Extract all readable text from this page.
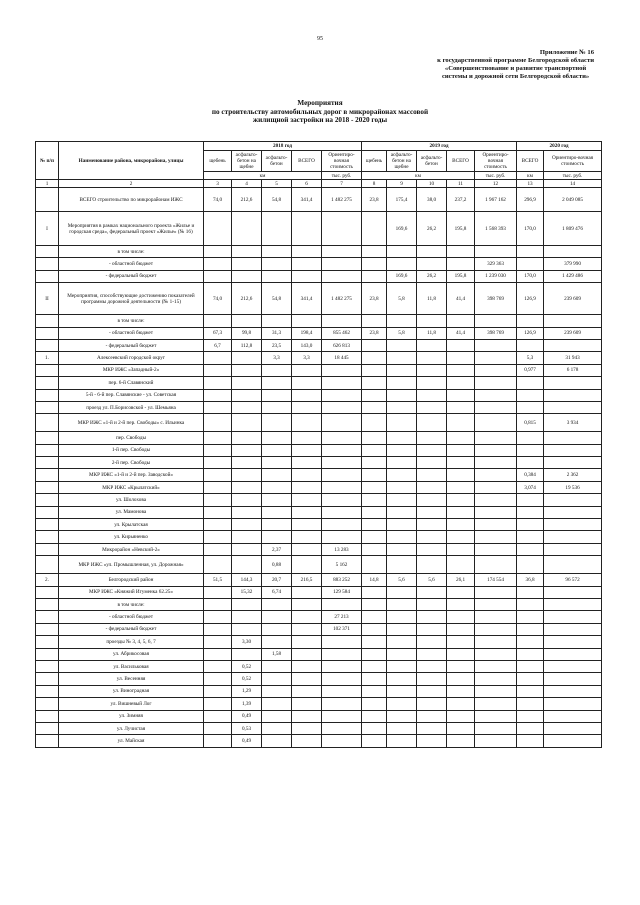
95
Приложение № 16
к государственной программе Белгородской области
«Совершенствование и развитие транспортной
системы и дорожной сети Белгородской области»
Мероприятия
по строительству автомобильных дорог в микрорайонах массовой
жилищной застройки на 2018 - 2020 годы
№ п/п	Наименование района, микрорайона, улицы	2018 год					2019 год					2020 год	
		щебень	асфальто-бетон на щебне	асфальто-бетон	ВСЕГО	Ориентиро-вочная стоимость	щебень	асфальто-бетон на щебне	асфальто-бетон	ВСЕГО	Ориентиро-вочная стоимость	ВСЕГО	Ориентиро-вочная стоимость
		км				тыс. руб.	км				тыс. руб.	км	тыс. руб.
1	2	3	4	5	6	7	8	9	10	11	12	13	14
	ВСЕГО строительство по микрорайонам ИЖС	74,0	212,6	54,8	341,4	1 482 275	23,8	175,4	38,0	237,2	1 967 162	296,9	2 049 085
I	Мероприятия в рамках национального проекта «Жилье и городская среда», федеральный проект «Жилье» (№ 16)							169,6	26,2	195,8	1 568 393	170,0	1 809 476
	в том числе:												
	- областной бюджет										329 363		379 990
	- федеральный бюджет							169,6	26,2	195,8	1 239 030	170,0	1 429 486
II	Мероприятия, способствующие достижению показателей программы дорожной деятельности (№ 1-15)	74,0	212,6	54,8	341,4	1 482 275	23,8	5,8	11,8	41,4	398 769	126,9	239 609
	в том числе:												
	- областной бюджет	67,3	99,8	31,3	198,4	855 462	23,8	5,8	11,8	41,4	398 769	126,9	239 609
	- федеральный бюджет	6,7	112,8	23,5	143,0	626 813							
1.	Алексеевский городской округ			3,3	3,3	18 445						5,3	31 943
	МКР ИЖС «Западный-2»											0,977	6 178
	пер. 6-й Славянский												
	5-й - 6-й пер. Славянские - ул. Советская												
	проезд ул. П.Борисовской - ул. Шемьяна												
	МКР ИЖС «1-й и 2-й пер. Свободы» с. Ильинка											0,815	3 934
	пер. Свободы												
	1-й пер. Свободы												
	2-й пер. Свободы												
	МКР ИЖС «1-й и 2-й пер. Заводской»											0,384	2 362
	МКР ИЖС «Крылатский»											3,074	19 536
	ул. Шолохова												
	ул. Мамонова												
	ул. Крылатская												
	ул. Кирьяненко												
	Микрорайон «Невский-2»			2,37		13 283							
	МКР ИЖС «ул. Промышленная, ул. Дорожная»			0,88		5 162							
2.	Белгородский район	51,5	144,3	20,7	216,5	883 252	14,8	5,6	5,6	26,1	174 554	36,8	96 572
	МКР ИЖС «Княжий Игуменка 62.25»		15,32	6,74		129 584							
	в том числе:												
	- областной бюджет					27 213							
	- федеральный бюджет					102 371							
	проезды № 3, 4, 5, 6, 7		3,30										
	ул. Абрикосовая			1,58									
	ул. Васильковая		0,52										
	ул. Весенняя		0,52										
	ул. Виноградная		1,29										
	ул. Вишневый Лог		1,39										
	ул. Зимняя		0,49										
	ул. Лучистая		0,53										
	ул. Майская		0,49										
